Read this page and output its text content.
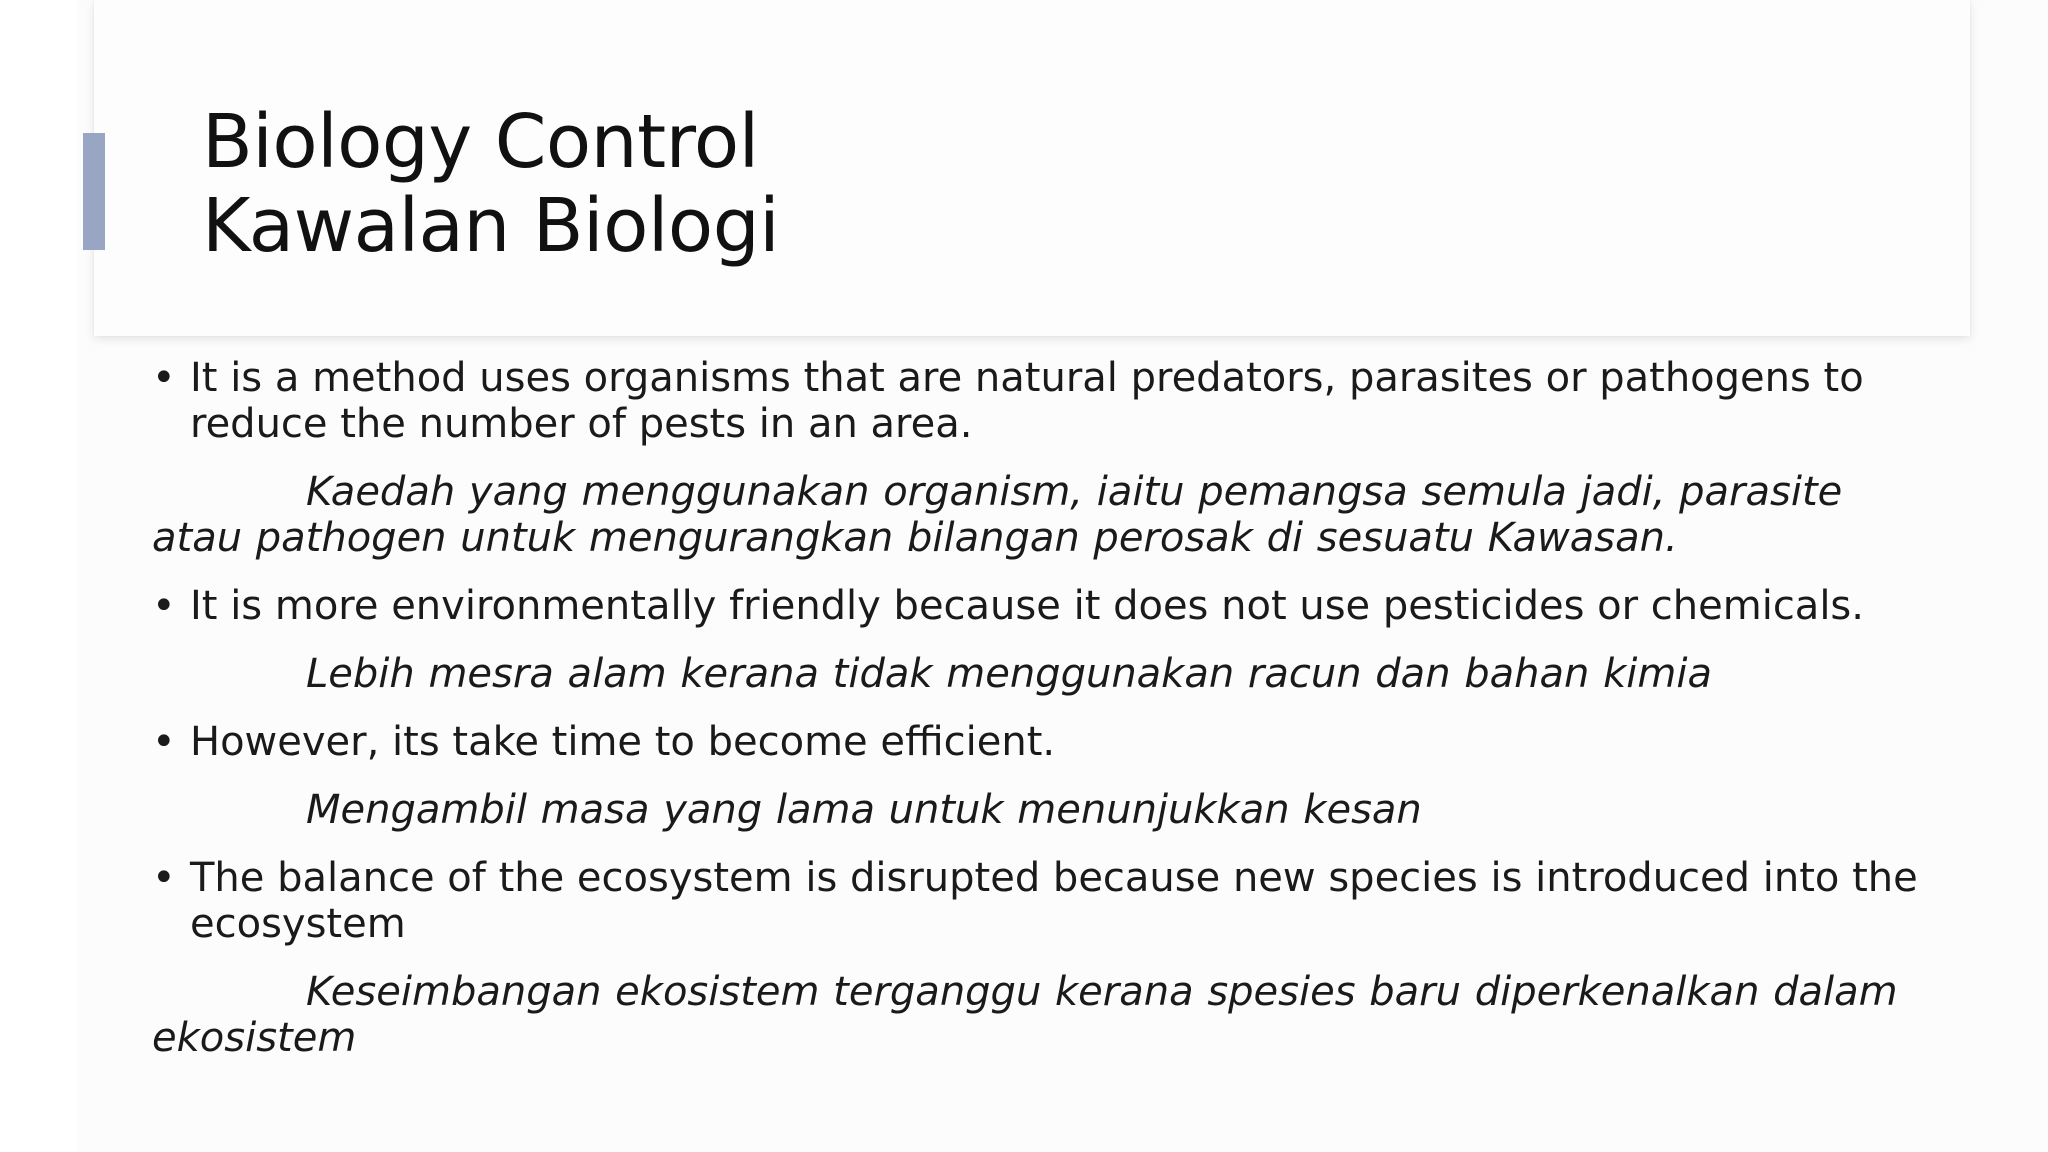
Biology Control
Kawalan Biologi

• It is a method uses organisms that are natural predators, parasites or pathogens to reduce the number of pests in an area.

Kaedah yang menggunakan organism, iaitu pemangsa semula jadi, parasite atau pathogen untuk mengurangkan bilangan perosak di sesuatu Kawasan.

• It is more environmentally friendly because it does not use pesticides or chemicals.

Lebih mesra alam kerana tidak menggunakan racun dan bahan kimia

• However, its take time to become efficient.

Mengambil masa yang lama untuk menunjukkan kesan

• The balance of the ecosystem is disrupted because new species is introduced into the ecosystem

Keseimbangan ekosistem terganggu kerana spesies baru diperkenalkan dalam ekosistem
